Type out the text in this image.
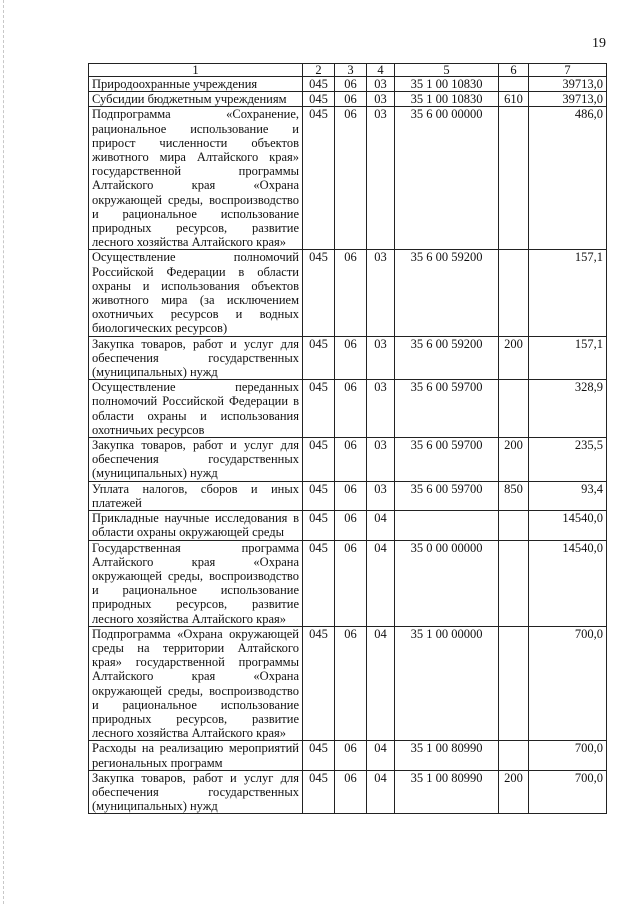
19
1	2	3	4	5	6	7
Природоохранные учреждения	045	06	03	35 1 00 10830		39713,0
Субсидии бюджетным учреждениям	045	06	03	35 1 00 10830	610	39713,0
Подпрограмма «Сохранение, рациональное использование и прирост численности объектов животного мира Алтайского края» государственной программы Алтайского края «Охрана окружающей среды, воспроизводство и рациональное использование природных ресурсов, развитие лесного хозяйства Алтайского края»	045	06	03	35 6 00 00000		486,0
Осуществление полномочий Российской Федерации в области охраны и использования объектов животного мира (за исключением охотничьих ресурсов и водных биологических ресурсов)	045	06	03	35 6 00 59200		157,1
Закупка товаров, работ и услуг для обеспечения государственных (муниципальных) нужд	045	06	03	35 6 00 59200	200	157,1
Осуществление переданных полномочий Российской Федерации в области охраны и использования охотничьих ресурсов	045	06	03	35 6 00 59700		328,9
Закупка товаров, работ и услуг для обеспечения государственных (муниципальных) нужд	045	06	03	35 6 00 59700	200	235,5
Уплата налогов, сборов и иных платежей	045	06	03	35 6 00 59700	850	93,4
Прикладные научные исследования в области охраны окружающей среды	045	06	04			14540,0
Государственная программа Алтайского края «Охрана окружающей среды, воспроизводство и рациональное использование природных ресурсов, развитие лесного хозяйства Алтайского края»	045	06	04	35 0 00 00000		14540,0
Подпрограмма «Охрана окружающей среды на территории Алтайского края» государственной программы Алтайского края «Охрана окружающей среды, воспроизводство и рациональное использование природных ресурсов, развитие лесного хозяйства Алтайского края»	045	06	04	35 1 00 00000		700,0
Расходы на реализацию мероприятий региональных программ	045	06	04	35 1 00 80990		700,0
Закупка товаров, работ и услуг для обеспечения государственных (муниципальных) нужд	045	06	04	35 1 00 80990	200	700,0
